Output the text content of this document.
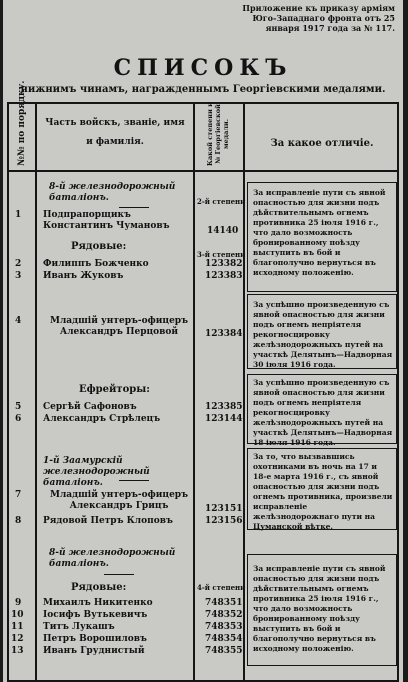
Приложение къ приказу армiям Юго-Западнаго фронта отъ 25 января 1917 года за № 117.
СПИСОКЪ
нижнимъ чинамъ, награжденнымъ Георгiевскими медалями.
№№ по порядку. Часть войскъ, званiе, имя и фамилiя.	Какой степени и № Георгiевской медали.	За какое отличiе.
8-й железнодорожный баталiонъ.	2-й степени
1 Подпрапорщикъ Константинъ Чумановъ	14140
Рядовые:
3-й степени
2 Филиппъ Божченко	123382
3 Иванъ Жуковъ	123383
За исправленiе пути съ явной опасностью для жизни подъ дѣйствительнымъ огнемъ противника 25 iюля 1916 г., что дало возможность бронированному поѣзду выступить въ бой и благополучно вернуться въ исходному положенiю.
4	Младшiй унтеръ-офицеръ Александръ Перцовой	123384
За успѣшно произведенную съ явной опасностью для жизни подъ огнемъ непрiятеля рекогносцировку желѣзнодорожныхъ путей на участкѣ Делятынъ—Надворная 30 iюля 1916 года.
Ефрейторы:
5 Сергѣй Сафоновъ	123385
6 Александръ Стрѣлецъ	123144
За успѣшно произведенную съ явной опасностью для жизни подъ огнемъ непрiятеля рекогносцировку желѣзнодорожныхъ путей на участкѣ Делятынъ—Надворная 18 iюля 1916 года.
1-й Заамурскiй железнодорожный баталiонъ.
7	Младшiй унтеръ-офицеръ Александръ Грицъ	123151
8 Рядовой Петръ Клоповъ	123156
За то, что вызвавшись охотниками въ ночь на 17 и 18-е марта 1916 г., съ явной опасностью для жизни подъ огнемъ противника, произвели исправленiе желѣзнодорожнаго пути на Цуманской вѣтке.
8-й железнодорожный баталiонъ.
Рядовые:	4-й степени
9 Михаилъ Никитенко	748351
10 Iосифъ Вутькевичъ	748352
11 Титъ Лукашъ	748353
12 Петръ Ворошиловъ	748354
13 Иванъ Груднистый	748355
За исправленiе пути съ явной опасностью для жизни подъ дѣйствительнымъ огнемъ противника 25 iюля 1916 г., что дало возможность бронированному поѣзду выступить въ бой и благополучно вернуться въ исходному положенiю.
